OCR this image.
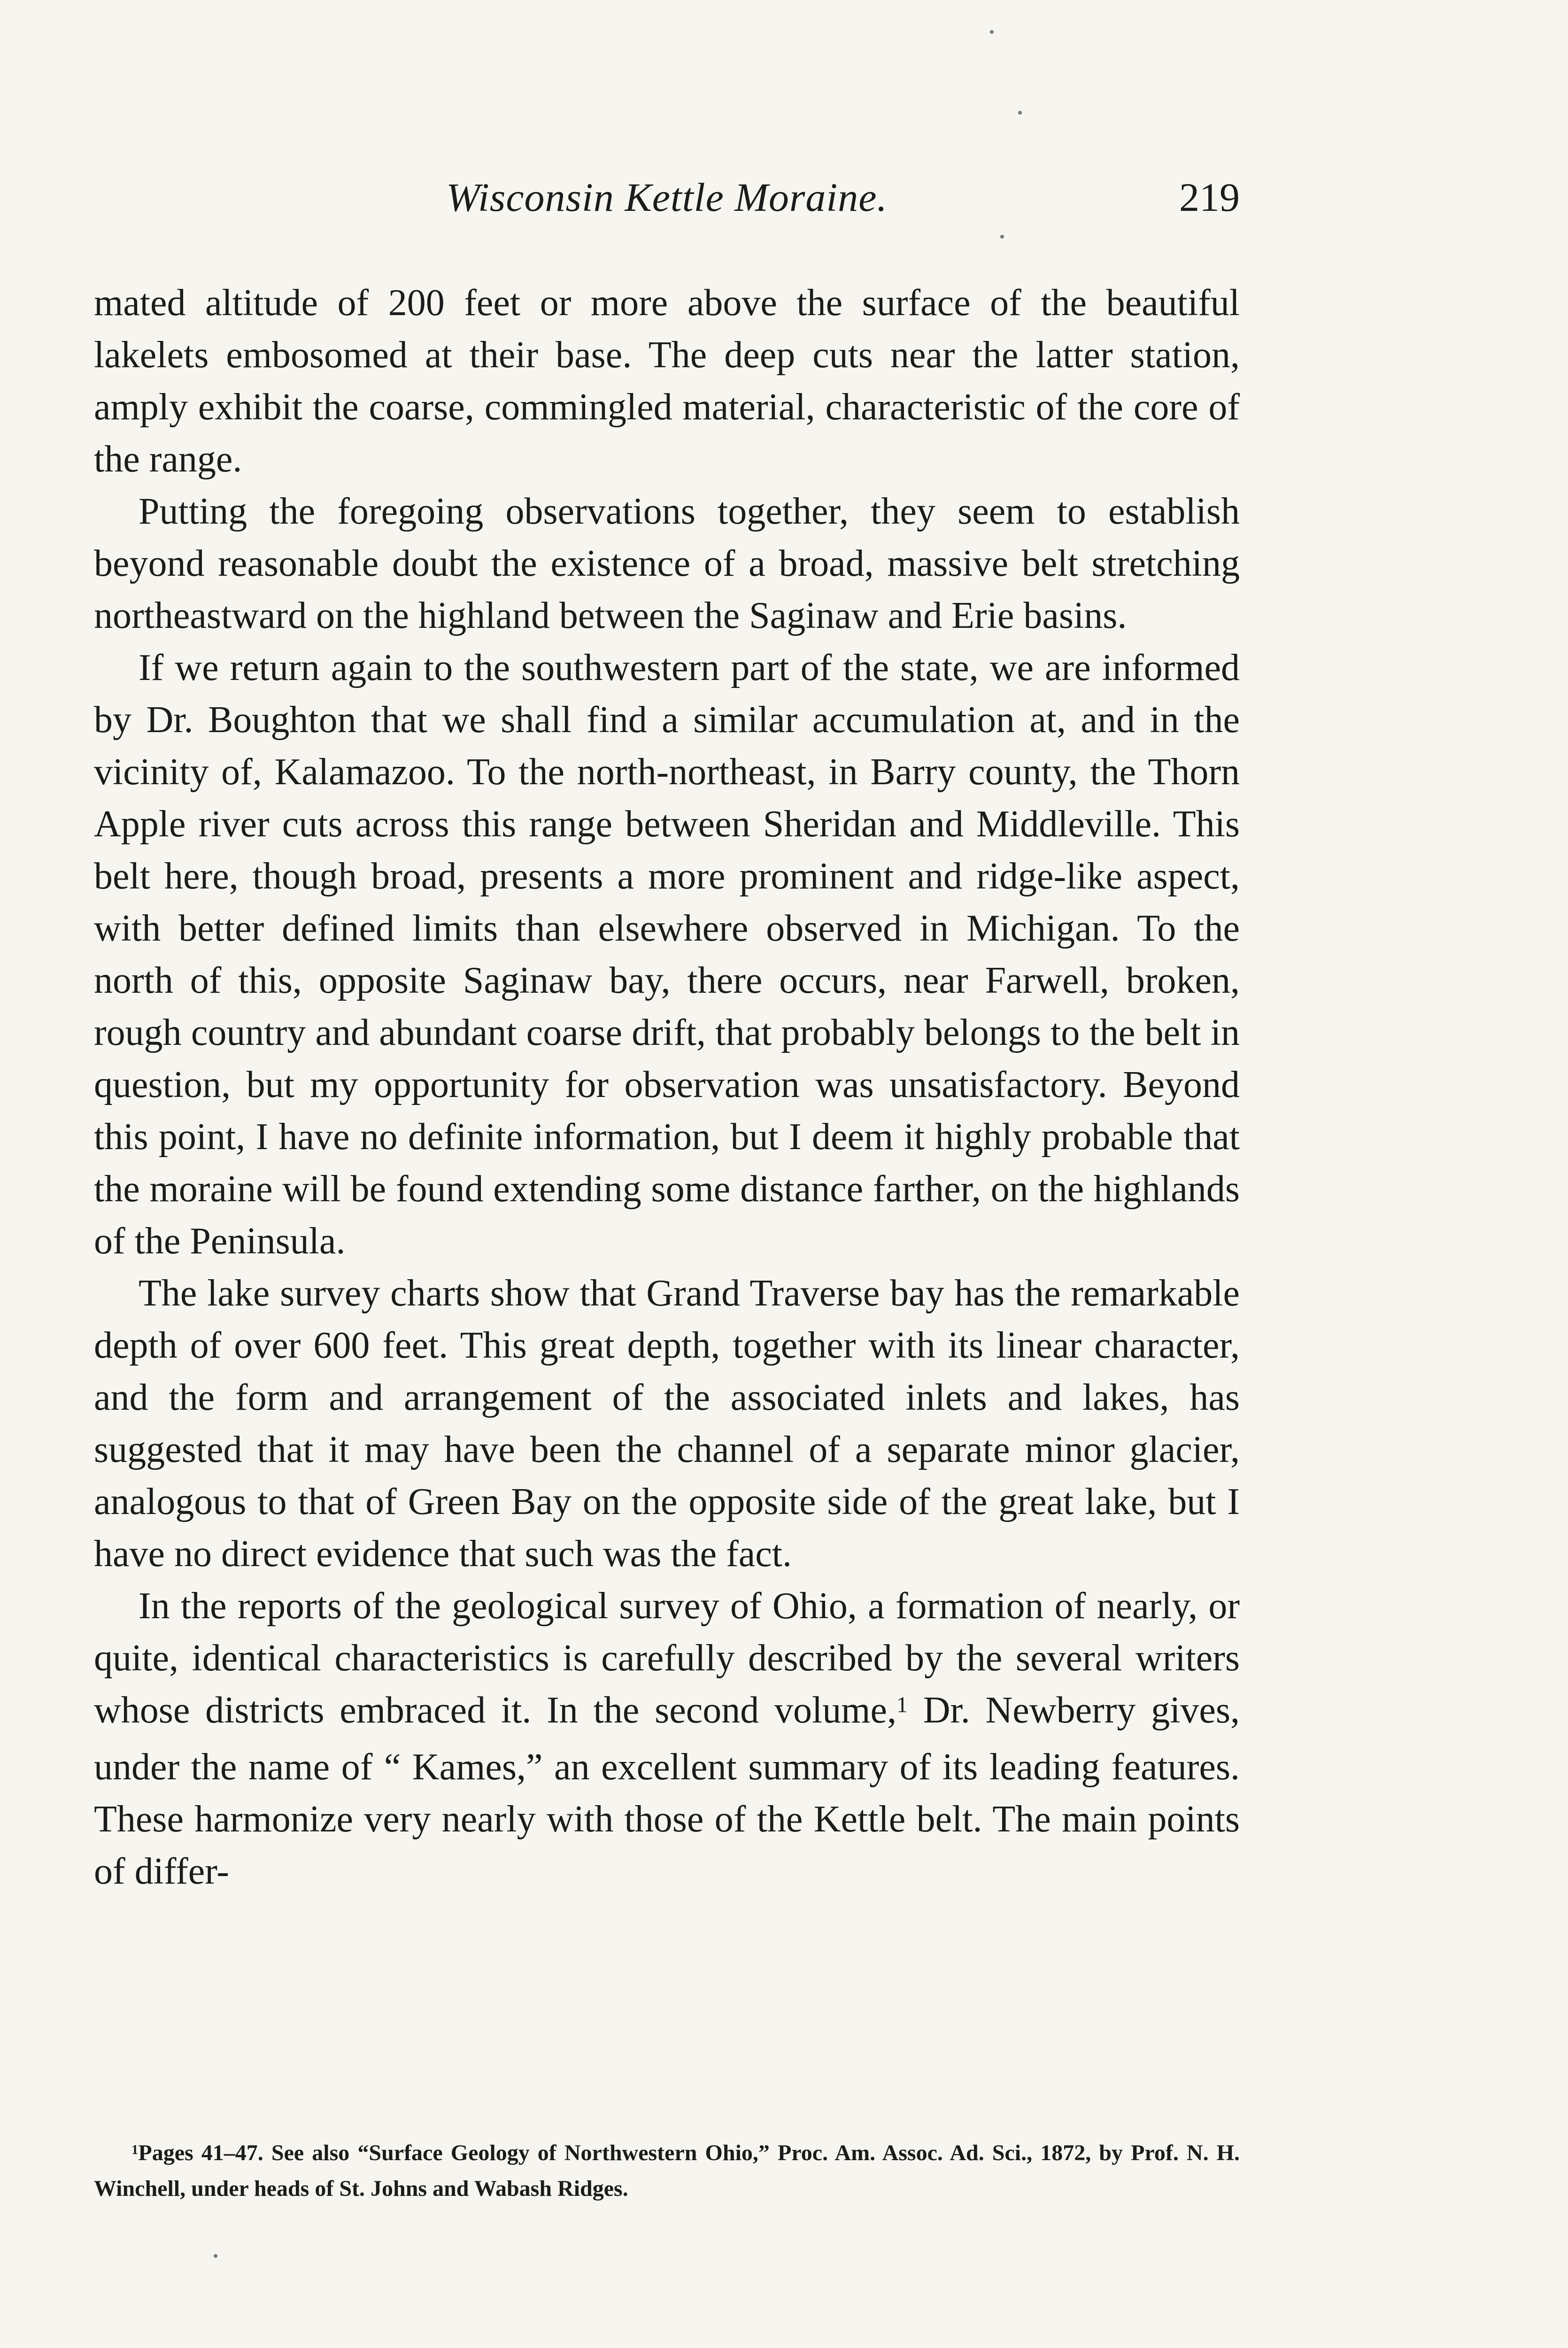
Wisconsin Kettle Moraine.	219

mated altitude of 200 feet or more above the surface of the beautiful lakelets embosomed at their base. The deep cuts near the latter station, amply exhibit the coarse, commingled material, characteristic of the core of the range.

Putting the foregoing observations together, they seem to establish beyond reasonable doubt the existence of a broad, massive belt stretching northeastward on the highland between the Saginaw and Erie basins.

If we return again to the southwestern part of the state, we are informed by Dr. Boughton that we shall find a similar accumulation at, and in the vicinity of, Kalamazoo. To the north-northeast, in Barry county, the Thorn Apple river cuts across this range between Sheridan and Middleville. This belt here, though broad, presents a more prominent and ridge-like aspect, with better defined limits than elsewhere observed in Michigan. To the north of this, opposite Saginaw bay, there occurs, near Farwell, broken, rough country and abundant coarse drift, that probably belongs to the belt in question, but my opportunity for observation was unsatisfactory. Beyond this point, I have no definite information, but I deem it highly probable that the moraine will be found extending some distance farther, on the highlands of the Peninsula.

The lake survey charts show that Grand Traverse bay has the remarkable depth of over 600 feet. This great depth, together with its linear character, and the form and arrangement of the associated inlets and lakes, has suggested that it may have been the channel of a separate minor glacier, analogous to that of Green Bay on the opposite side of the great lake, but I have no direct evidence that such was the fact.

In the reports of the geological survey of Ohio, a formation of nearly, or quite, identical characteristics is carefully described by the several writers whose districts embraced it. In the second volume,$^1$ Dr. Newberry gives, under the name of “ Kames,” an excellent summary of its leading features. These harmonize very nearly with those of the Kettle belt. The main points of differ-

$^1$Pages 41–47. See also “Surface Geology of Northwestern Ohio,” Proc. Am. Assoc. Ad. Sci., 1872, by Prof. N. H. Winchell, under heads of St. Johns and Wabash Ridges.
